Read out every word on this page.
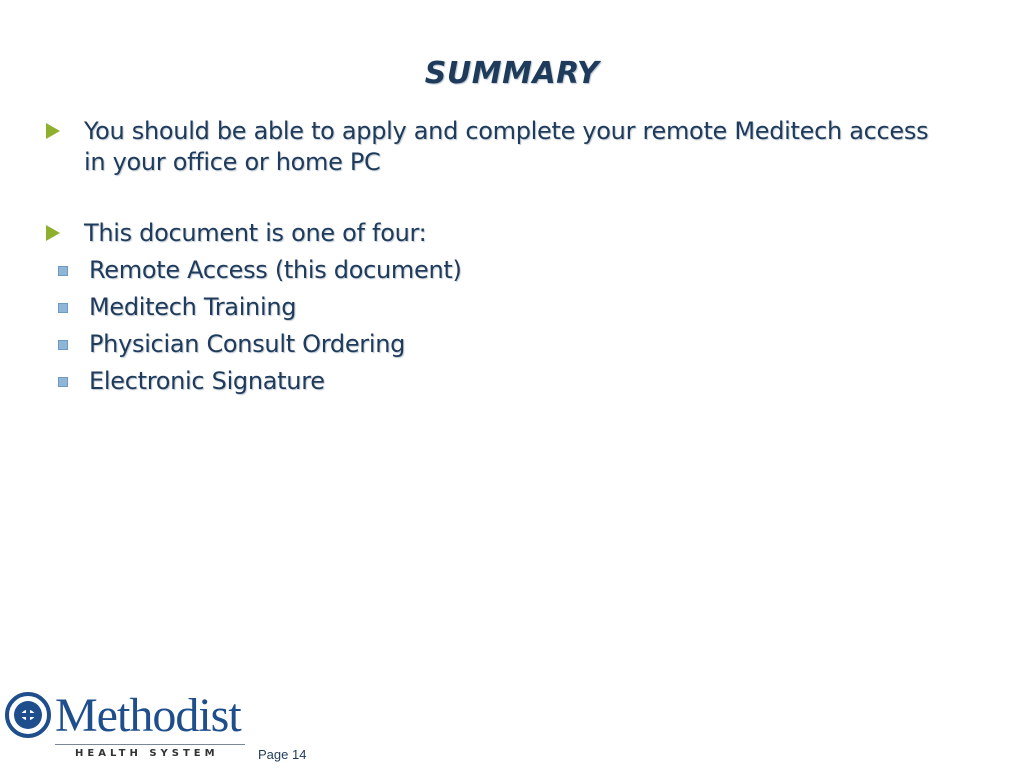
SUMMARY
You should be able to apply and complete your remote Meditech access
in your office or home PC
This document is one of four:
Remote Access (this document)
Meditech Training
Physician Consult Ordering
Electronic Signature
Methodist
HEALTH SYSTEM	Page 14
